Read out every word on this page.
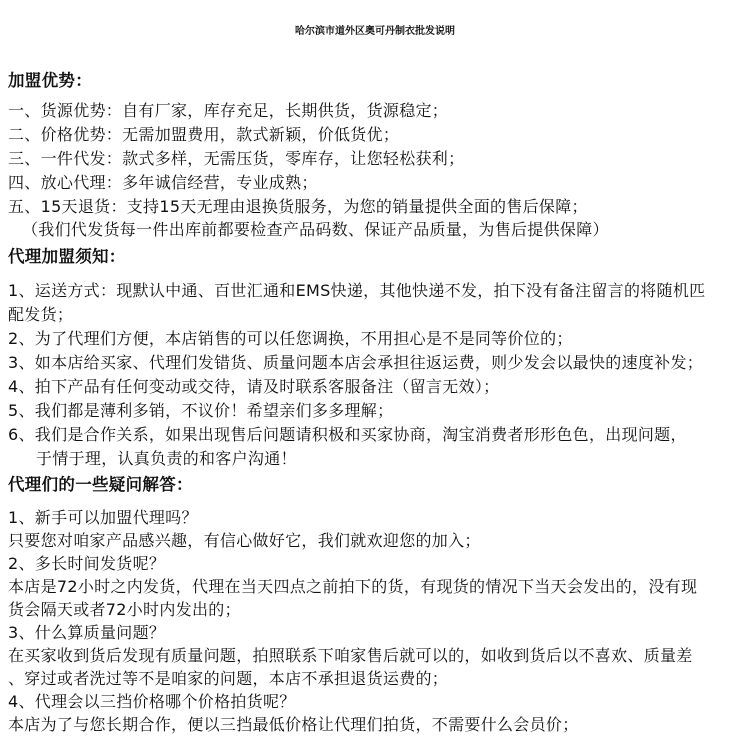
哈尔滨市道外区奥可丹制衣批发说明
加盟优势：
一、货源优势：自有厂家，库存充足，长期供货，货源稳定；
二、价格优势：无需加盟费用，款式新颖，价低货优；
三、一件代发：款式多样，无需压货，零库存，让您轻松获利；
四、放心代理：多年诚信经营，专业成熟；
五、15天退货：支持15天无理由退换货服务，为您的销量提供全面的售后保障；
（我们代发货每一件出库前都要检查产品码数、保证产品质量，为售后提供保障）
代理加盟须知：
1、运送方式：现默认中通、百世汇通和EMS快递，其他快递不发，拍下没有备注留言的将随机匹
配发货；
2、为了代理们方便，本店销售的可以任您调换，不用担心是不是同等价位的；
3、如本店给买家、代理们发错货、质量问题本店会承担往返运费，则少发会以最快的速度补发；
4、拍下产品有任何变动或交待，请及时联系客服备注（留言无效）；
5、我们都是薄利多销，不议价！希望亲们多多理解；
6、我们是合作关系，如果出现售后问题请积极和买家协商，淘宝消费者形形色色，出现问题，
于情于理，认真负责的和客户沟通！
代理们的一些疑问解答：
1、新手可以加盟代理吗？
只要您对咱家产品感兴趣，有信心做好它，我们就欢迎您的加入；
2、多长时间发货呢？
本店是72小时之内发货，代理在当天四点之前拍下的货，有现货的情况下当天会发出的，没有现
货会隔天或者72小时内发出的；
3、什么算质量问题？
在买家收到货后发现有质量问题，拍照联系下咱家售后就可以的，如收到货后以不喜欢、质量差
、穿过或者洗过等不是咱家的问题，本店不承担退货运费的；
4、代理会以三挡价格哪个价格拍货呢？
本店为了与您长期合作，便以三挡最低价格让代理们拍货，不需要什么会员价；
